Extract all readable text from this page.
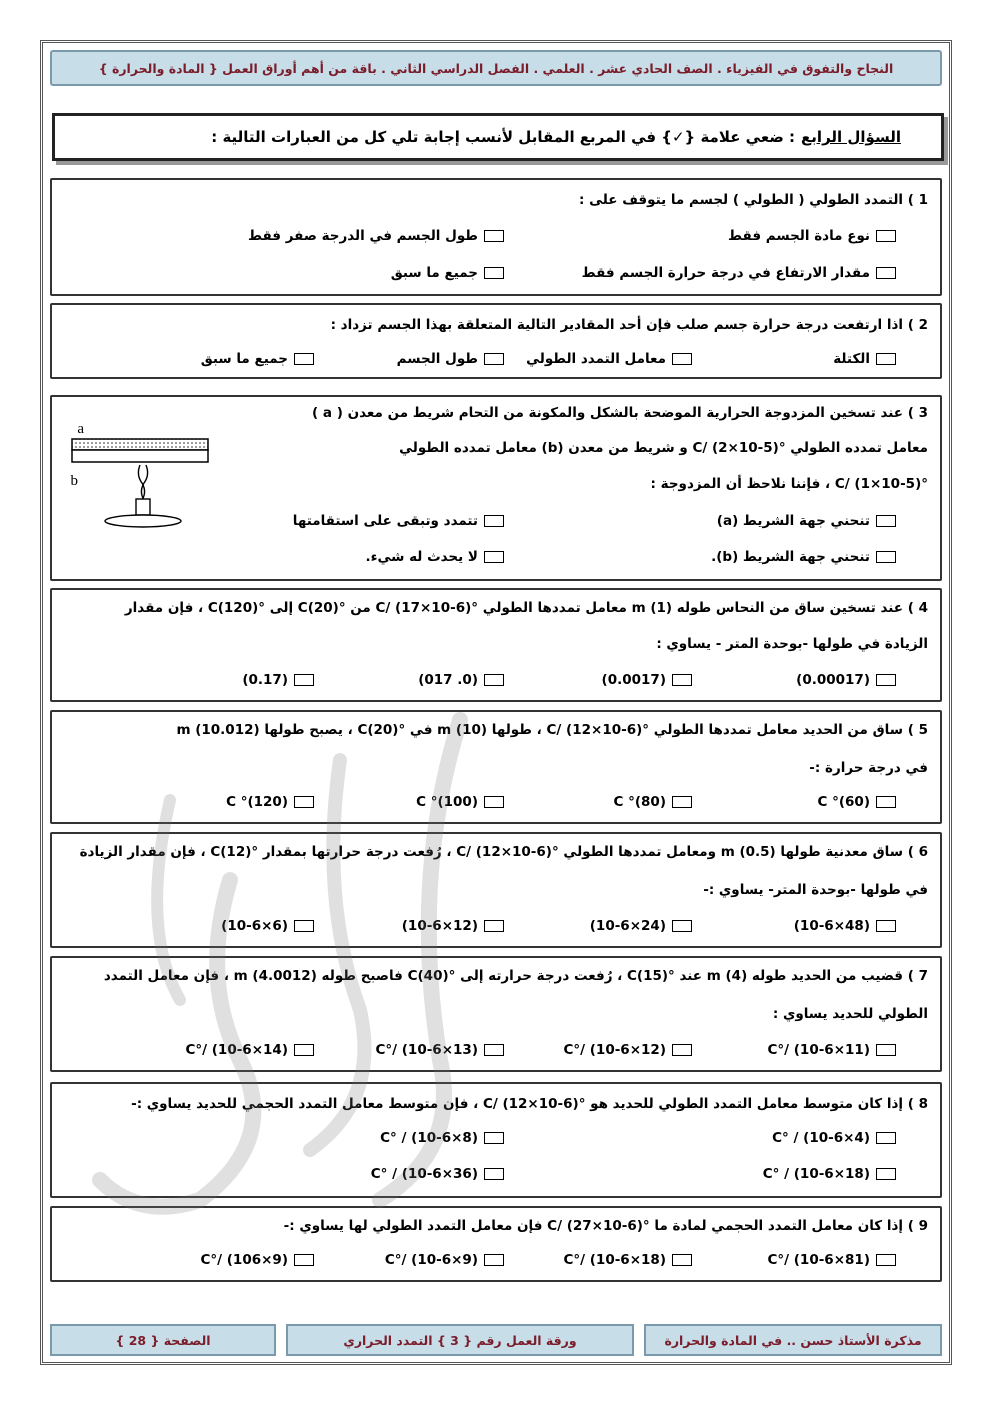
النجاح والتفوق في الفيزياء . الصف الحادي عشر . العلمي . الفصل الدراسي الثاني . باقة من أهم أوراق العمل { المادة والحرارة }
السؤال الرابع
: ضعي علامة {✓} في المربع المقابل لأنسب إجابة تلي كل من العبارات التالية :
1 ) التمدد الطولي ( الطولي ) لجسم ما يتوقف على :
نوع مادة الجسم فقط
طول الجسم في الدرجة صفر فقط
مقدار الارتفاع في درجة حرارة الجسم فقط
جميع ما سبق
2 ) اذا ارتفعت درجة حرارة جسم صلب فإن أحد المقادير التالية المتعلقة بهذا الجسم تزداد :
الكتلة
معامل التمدد الطولي
طول الجسم
جميع ما سبق
3 ) عند تسخين المزدوجة الحرارية الموضحة بالشكل والمكونة من التحام شريط من معدن ( a )
معامل تمدده الطولي °C/ (2×10-5) و شريط من معدن (b) معامل تمدده الطولي
°C/ (1×10-5) ، فإننا نلاحظ أن المزدوجة :
تنحني جهة الشريط (a)
تتمدد وتبقى على استقامتها
تنحني جهة الشريط (b).
لا يحدث له شيء.
a
b
4 ) عند تسخين ساق من النحاس طوله m (1) معامل تمددها الطولي °C/ (17×10-6) من °C(20) إلى °C(120) ، فإن مقدار
الزيادة في طولها -بوحدة المتر - يساوي :
(0.00017)
(0.0017)
(0. 017)
(0.17)
5 ) ساق من الحديد معامل تمددها الطولي °C/ (12×10-6) ، طولها m (10) في °C(20) ، يصبح طولها m (10.012)
في درجة حرارة :-
(60)° C
(80)° C
(100)° C
(120)° C
6 ) ساق معدنية طولها m (0.5) ومعامل تمددها الطولي °C/ (12×10-6) ، رُفعت درجة حرارتها بمقدار °C(12) ، فإن مقدار الزيادة
في طولها -بوحدة المتر- يساوي :-
(48×10-6)
(24×10-6)
(12×10-6)
(6×10-6)
7 ) قضيب من الحديد طوله m (4) عند °C(15) ، رُفعت درجة حرارته إلى °C(40) فاصبح طوله m (4.0012) ، فإن معامل التمدد
الطولي للحديد يساوي :
(11×10-6) /°C
(12×10-6) /°C
(13×10-6) /°C
(14×10-6) /°C
8 ) إذا كان متوسط معامل التمدد الطولي للحديد هو °C/ (12×10-6) ، فإن متوسط معامل التمدد الحجمي للحديد يساوي :-
(4×10-6) / °C
(8×10-6) / °C
(18×10-6) / °C
(36×10-6) / °C
9 ) إذا كان معامل التمدد الحجمي لمادة ما °C/ (27×10-6) فإن معامل التمدد الطولي لها يساوي :-
(81×10-6) /°C
(18×10-6) /°C
(9×10-6) /°C
(9×106) /°C
الصفحة { 28 }	ورقة العمل رقم { 3 } التمدد الحراري	مذكرة الأستاذ حسن .. في المادة والحرارة
